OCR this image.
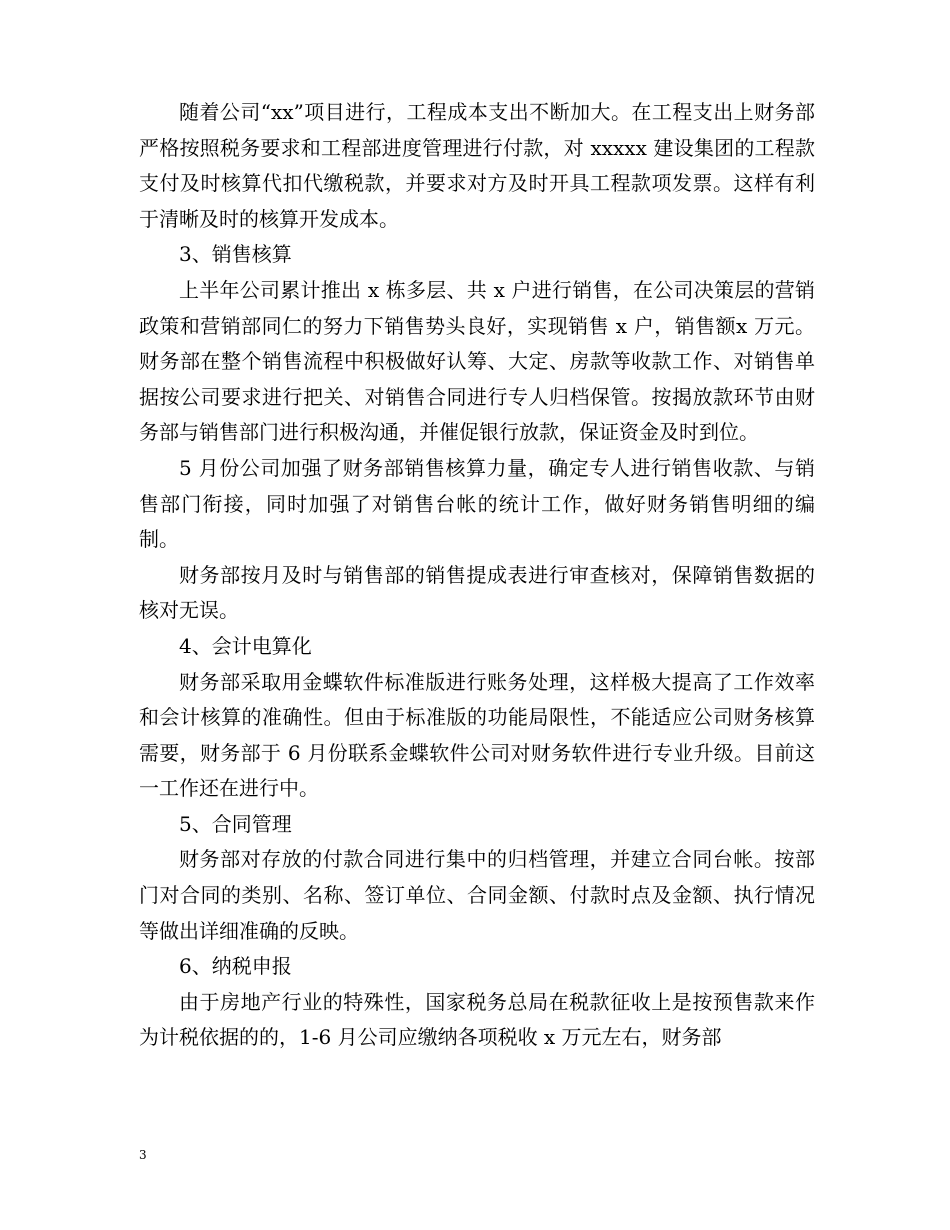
随着公司“xx”项目进行，工程成本支出不断加大。在工程支出上财务部严格按照税务要求和工程部进度管理进行付款，对 xxxxx 建设集团的工程款支付及时核算代扣代缴税款，并要求对方及时开具工程款项发票。这样有利于清晰及时的核算开发成本。

3、销售核算

上半年公司累计推出 x 栋多层、共 x 户进行销售，在公司决策层的营销政策和营销部同仁的努力下销售势头良好，实现销售 x 户，销售额x 万元。财务部在整个销售流程中积极做好认筹、大定、房款等收款工作、对销售单据按公司要求进行把关、对销售合同进行专人归档保管。按揭放款环节由财务部与销售部门进行积极沟通，并催促银行放款，保证资金及时到位。

5 月份公司加强了财务部销售核算力量，确定专人进行销售收款、与销售部门衔接，同时加强了对销售台帐的统计工作，做好财务销售明细的编制。

财务部按月及时与销售部的销售提成表进行审查核对，保障销售数据的核对无误。

4、会计电算化

财务部采取用金蝶软件标准版进行账务处理，这样极大提高了工作效率和会计核算的准确性。但由于标准版的功能局限性，不能适应公司财务核算需要，财务部于 6 月份联系金蝶软件公司对财务软件进行专业升级。目前这一工作还在进行中。

5、合同管理

财务部对存放的付款合同进行集中的归档管理，并建立合同台帐。按部门对合同的类别、名称、签订单位、合同金额、付款时点及金额、执行情况等做出详细准确的反映。

6、纳税申报

由于房地产行业的特殊性，国家税务总局在税款征收上是按预售款来作为计税依据的的，1-6 月公司应缴纳各项税收 x 万元左右，财务部

3
